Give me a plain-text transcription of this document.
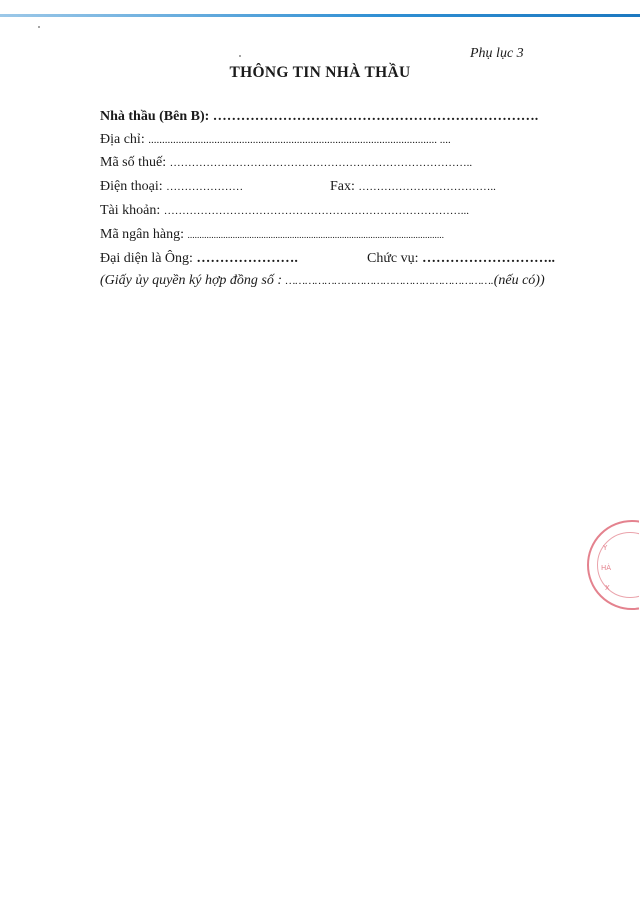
Phụ lục 3
THÔNG TIN NHÀ THẦU
Nhà thầu (Bên B): …………………………………………………………….
Địa chỉ: ......................................................................................................... ....
Mã số thuế: ………………………………………………………………………..
Điện thoại: …………………	Fax: ………………………………..
Tài khoản: ………………………………………………………………………...
Mã ngân hàng: ............................................................................................................
Đại diện là Ông: ………………….	Chức vụ: ………………………..
(Giấy ủy quyền ký hợp đồng số : ……………………………………………………….(nếu có))
Y
HÀ
X
